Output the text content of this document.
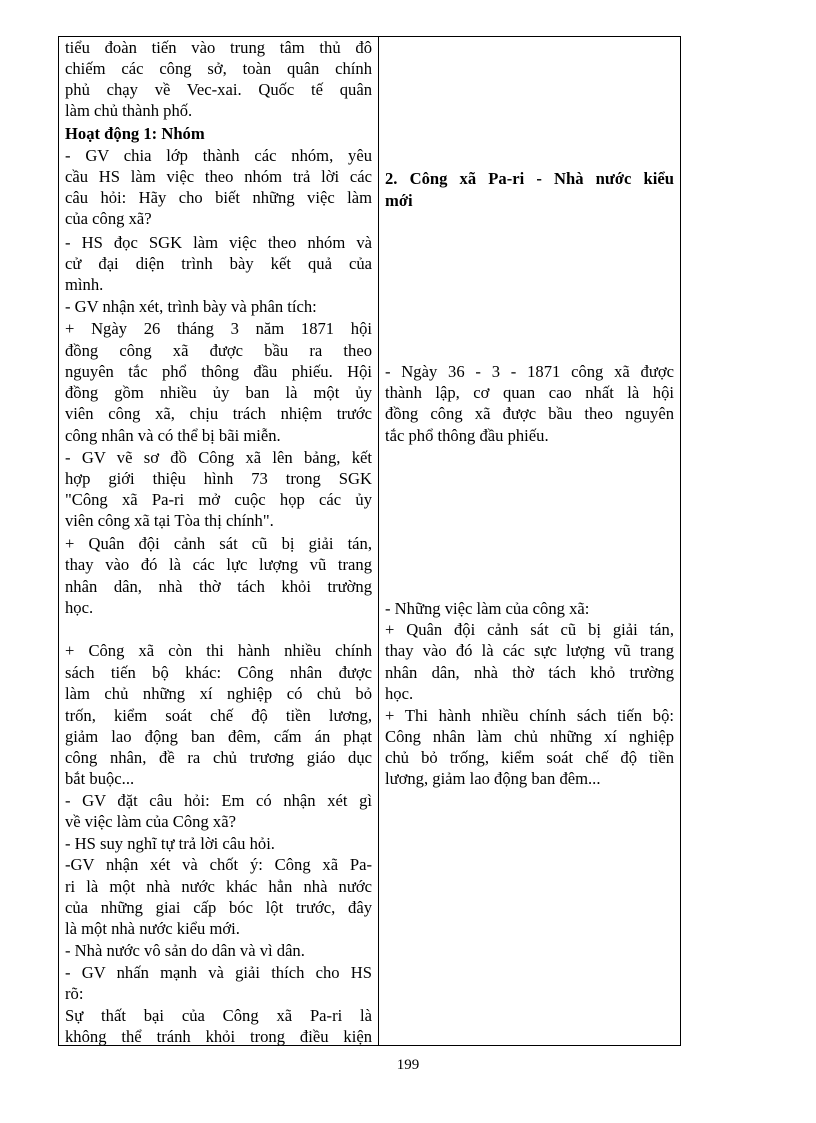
tiểu đoàn tiến vào trung tâm thủ đô
chiếm các công sở, toàn quân chính
phủ chạy về Vec-xai. Quốc tế quân
làm chủ thành phố.
Hoạt động 1: Nhóm
- GV chia lớp thành các nhóm, yêu
cầu HS làm việc theo nhóm trả lời các
câu hỏi: Hãy cho biết những việc làm
của công xã?
- HS đọc SGK làm việc theo nhóm và
cử đại diện trình bày kết quả của
mình.
- GV nhận xét, trình bày và phân tích:
+ Ngày 26 tháng 3 năm 1871 hội
đồng công xã được bầu ra theo
nguyên tắc phổ thông đầu phiếu. Hội
đồng gồm nhiều ủy ban là một ủy
viên công xã, chịu trách nhiệm trước
công nhân và có thể bị bãi miễn.
- GV vẽ sơ đồ Công xã lên bảng, kết
hợp giới thiệu hình 73 trong SGK
"Công xã Pa-ri mở cuộc họp các ủy
viên công xã tại Tòa thị chính".
+ Quân đội cảnh sát cũ bị giải tán,
thay vào đó là các lực lượng vũ trang
nhân dân, nhà thờ tách khỏi trường
học.
+ Công xã còn thi hành nhiều chính
sách tiến bộ khác: Công nhân được
làm chủ những xí nghiệp có chủ bỏ
trốn, kiểm soát chế độ tiền lương,
giảm lao động ban đêm, cấm án phạt
công nhân, đề ra chủ trương giáo dục
bắt buộc...
- GV đặt câu hỏi: Em có nhận xét gì
về việc làm của Công xã?
- HS suy nghĩ tự trả lời câu hỏi.
-GV nhận xét và chốt ý: Công xã Pa-
ri là một nhà nước khác hẳn nhà nước
của những giai cấp bóc lột trước, đây
là một nhà nước kiểu mới.
- Nhà nước vô sản do dân và vì dân.
- GV nhấn mạnh và giải thích cho HS
rõ:
Sự thất bại của Công xã Pa-ri là
không thể tránh khỏi trong điều kiện
2. Công xã Pa-ri - Nhà nước kiểu
mới
- Ngày 36 - 3 - 1871 công xã được
thành lập, cơ quan cao nhất là hội
đồng công xã được bầu theo nguyên
tắc phổ thông đầu phiếu.
- Những việc làm của công xã:
+ Quân đội cảnh sát cũ bị giải tán,
thay vào đó là các sực lượng vũ trang
nhân dân, nhà thờ tách khỏ trường
học.
+ Thi hành nhiều chính sách tiến bộ:
Công nhân làm chủ những xí nghiệp
chủ bỏ trống, kiểm soát chế độ tiền
lương, giảm lao động ban đêm...
199
